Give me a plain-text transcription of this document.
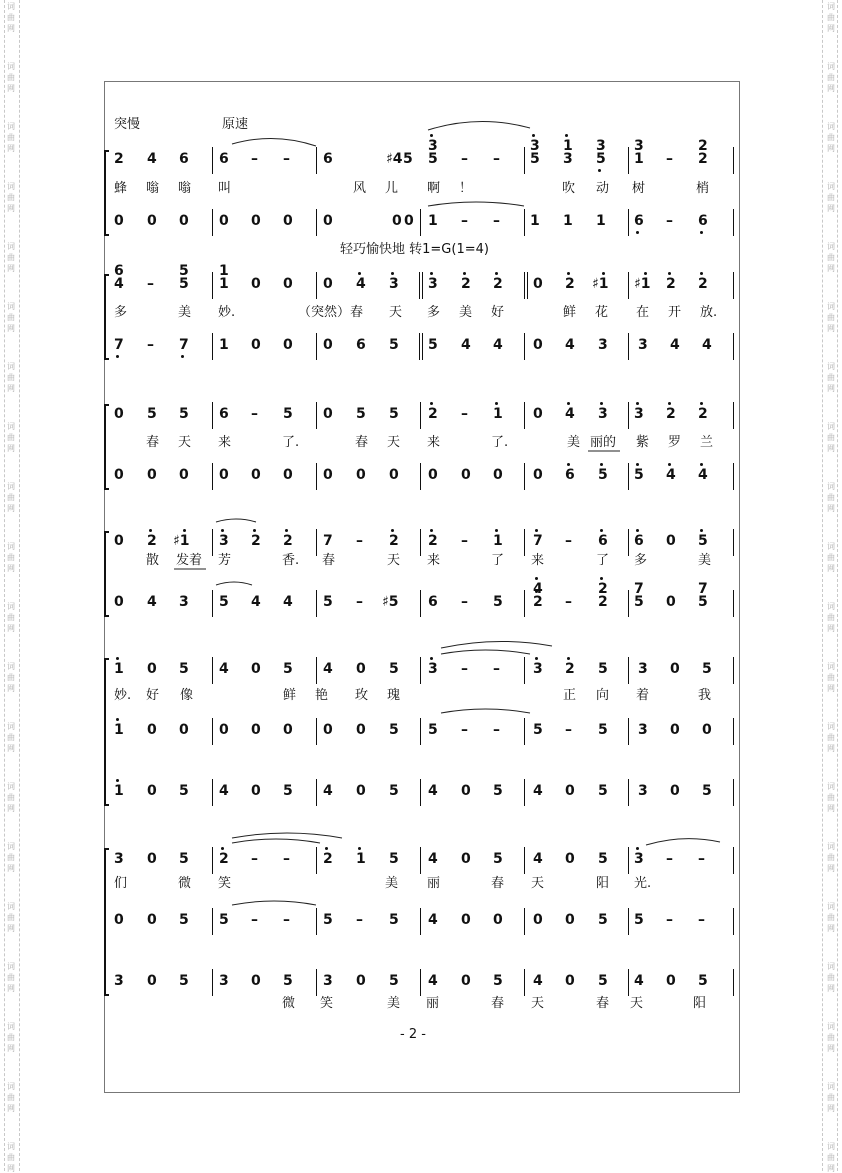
词
曲
网
词
曲
网
词
曲
网
词
曲
网
词
曲
网
词
曲
网
词
曲
网
词
曲
网
词
曲
网
词
曲
网
词
曲
网
词
曲
网
词
曲
网
词
曲
网
词
曲
网
词
曲
网
词
曲
网
词
曲
网
词
曲
网
词
曲
网
词
曲
网
词
曲
网
词
曲
网
词
曲
网
词
曲
网
词
曲
网
词
曲
网
词
曲
网
词
曲
网
词
曲
网
词
曲
网
词
曲
网
词
曲
网
词
曲
网
词
曲
网
词
曲
网
词
曲
网
词
曲
网
词
曲
网
词
曲
网
突慢	原速
2 4 6 6 – – 6	♯4 5 5 – – 5 3 5 1 – 2
3	3 1 3 3	2
蜂 嗡 嗡 叫	风 儿 啊 ！	吹 动 树	梢
0 0 0 0 0 0 0	0 0 1 – – 1 1 1 6 – 6
轻巧愉快地 转1=G(1=4)
4 – 5 1 0 0 0 4 3 3 2 2 0 2 ♯1 ♯1 2 2
6	5 1
多	美 妙.	（突然）春 天 多 美 好	鲜 花 在 开 放.
7 – 7 1 0 0 0 6 5 5 4 4 0 4 3 3 4 4
0 5 5 6 – 5 0 5 5 2 – 1 0 4 3 3 2 2
春 天 来	了.	春 天 来	了.	美 丽的 紫 罗 兰
0 0 0 0 0 0 0 0 0 0 0 0 0 6 5 5 4 4
0 2 ♯1 3 2 2 7 – 2 2 – 1 7 – 6 6 0 5
散 发着 芳	香. 春	天 来	了 来	了 多	美
0 4 3 5 4 4 5 – ♯5 6 – 5 2 – 2 5 0 5
4	2 7	7
1 0 5 4 0 5 4 0 5 3 – – 3 2 5 3 0 5
妙. 好 像	鲜 艳 玫 瑰	正 向 着	我
1 0 0 0 0 0 0 0 5 5 – – 5 – 5 3 0 0
1 0 5 4 0 5 4 0 5 4 0 5 4 0 5 3 0 5
3 0 5 2 – – 2 1 5 4 0 5 4 0 5 3 – –
们	微 笑	美 丽	春 天	阳 光.
0 0 5 5 – – 5 – 5 4 0 0 0 0 5 5 – –
3 0 5 3 0 5 3 0 5 4 0 5 4 0 5 4 0 5
微 笑	美 丽	春 天	春 天	阳
- 2 -
